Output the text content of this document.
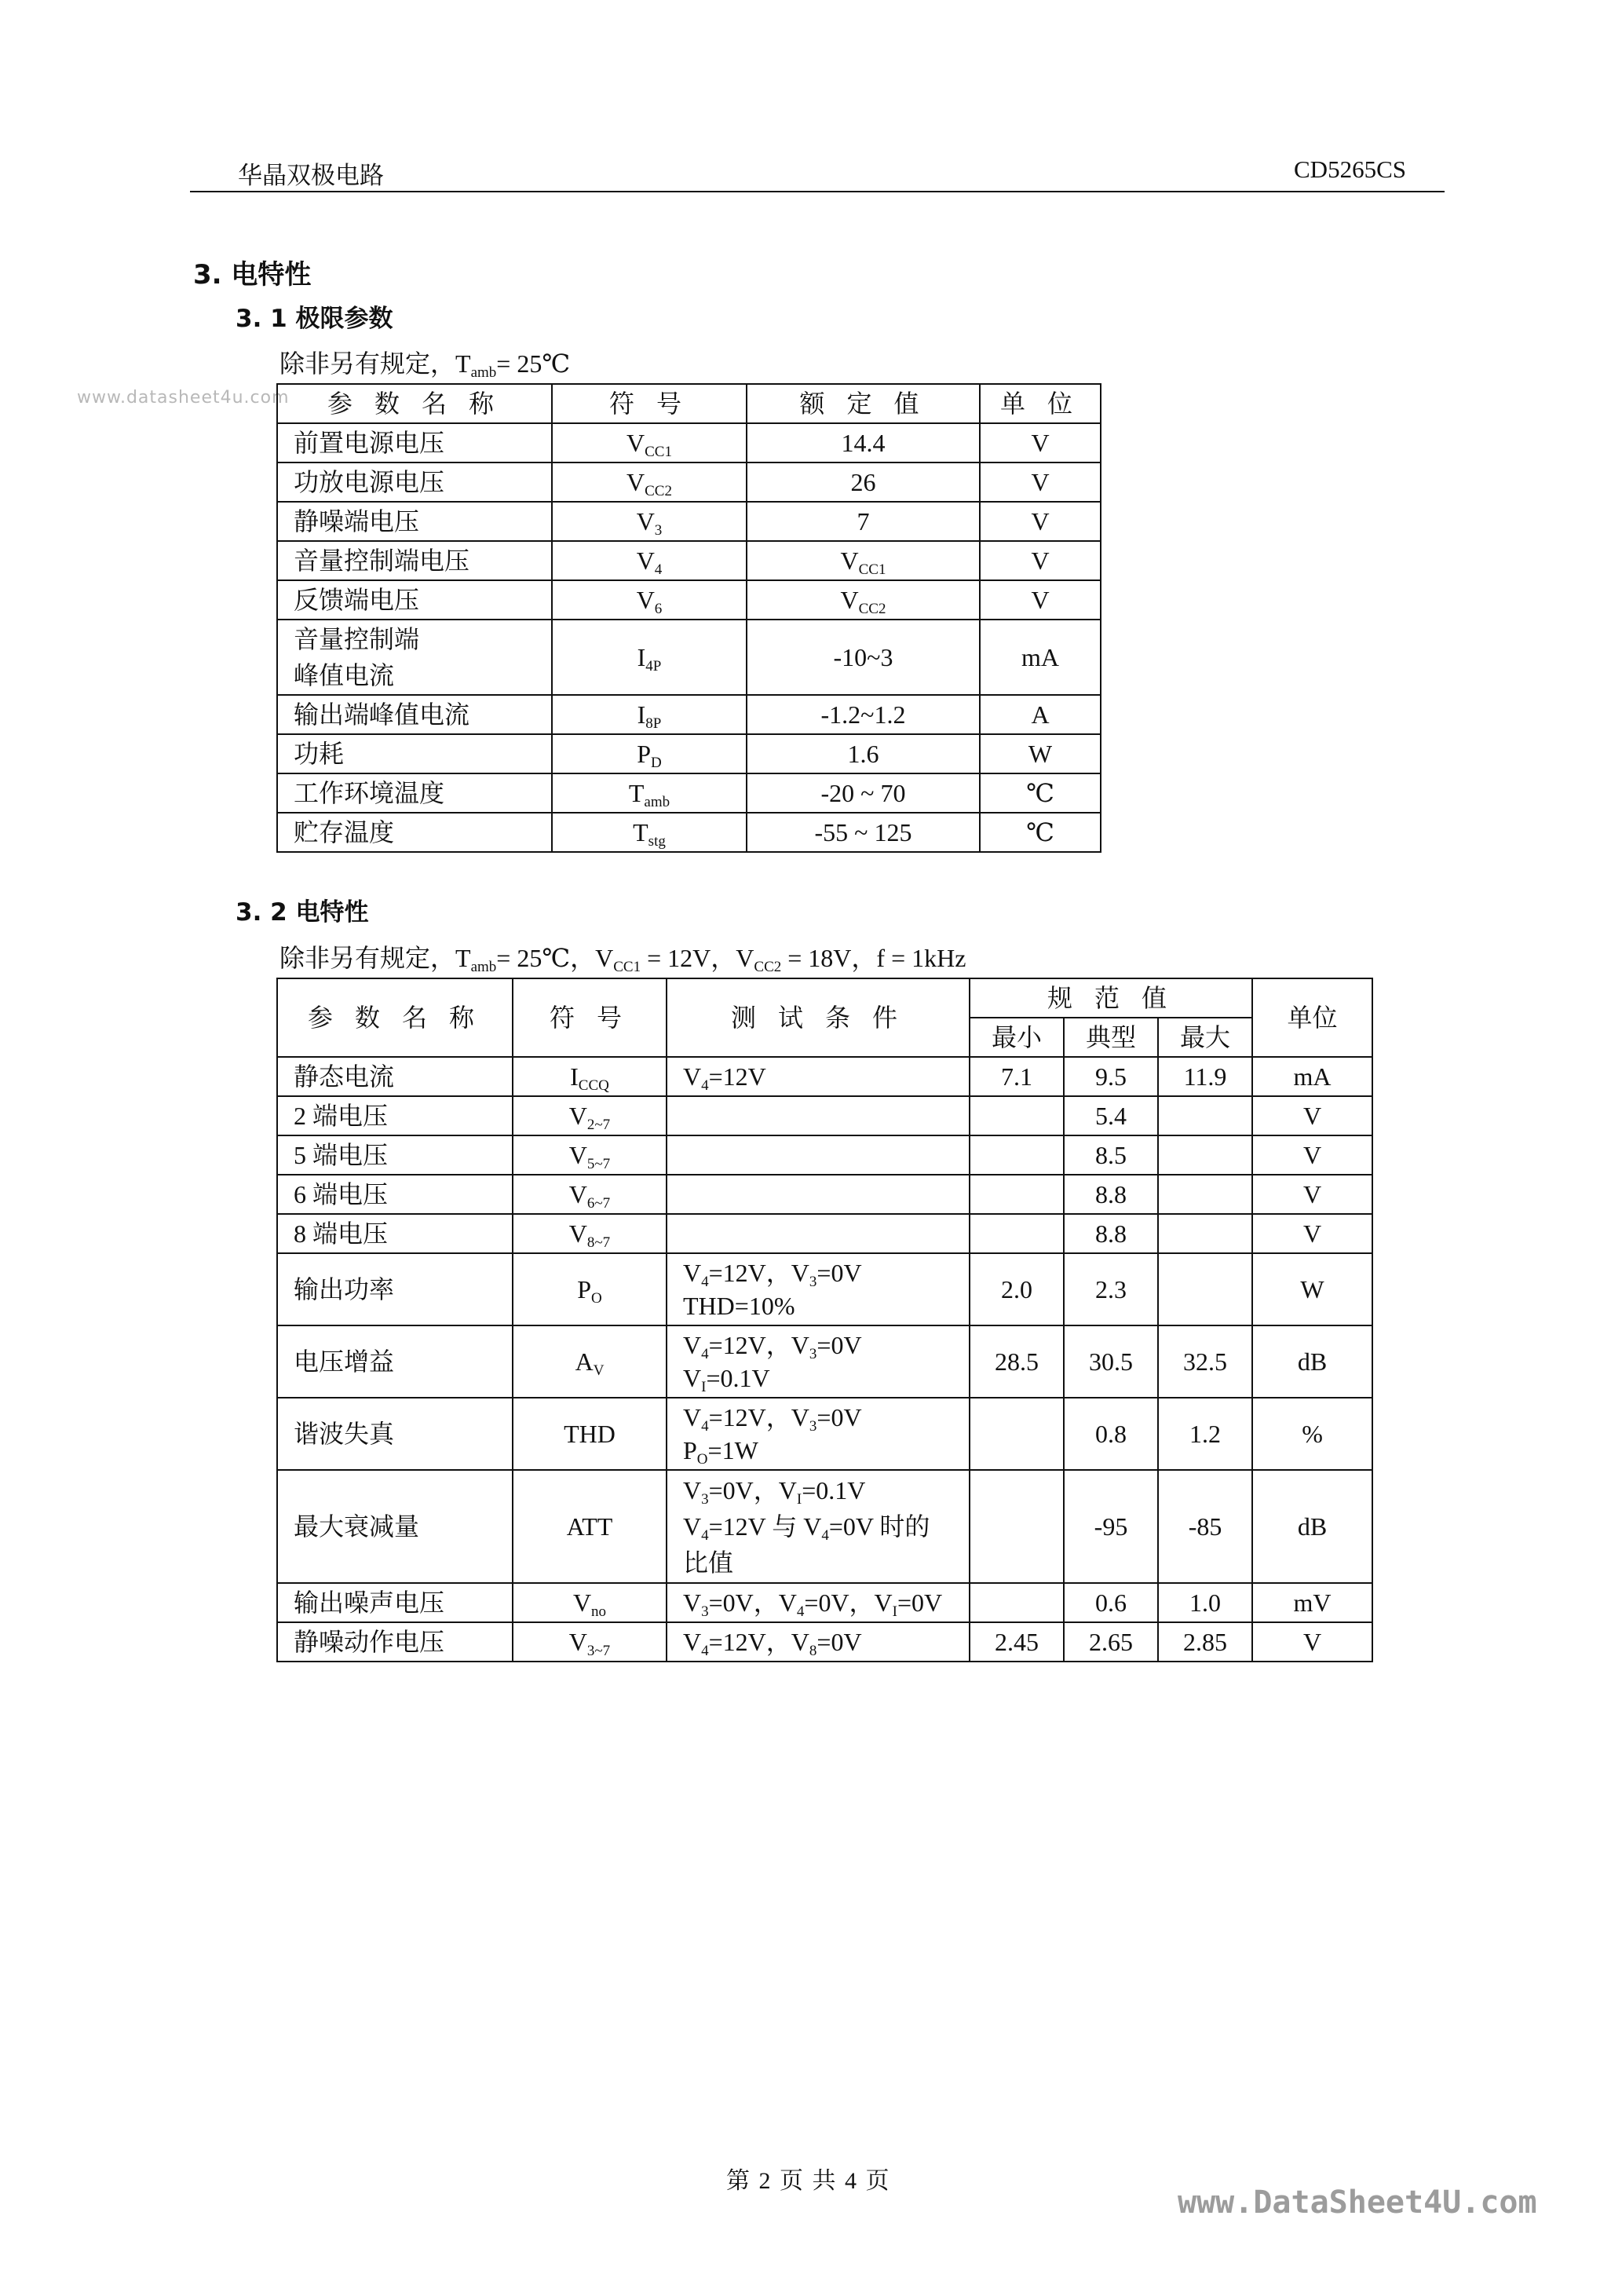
华晶双极电路	CD5265CS
3. 电特性
3. 1 极限参数
除非另有规定，$T_{amb}=$ 25℃
www.datasheet4u.com 参 数 名 称	符 号	额 定 值	单 位
前置电源电压	$V_{CC1}$	14.4	V
功放电源电压	$V_{CC2}$	26	V
静噪端电压	$V_3$	7	V
音量控制端电压	$V_4$	$V_{CC1}$	V
反馈端电压	$V_6$	$V_{CC2}$	V
音量控制端
峰值电流	$I_{4P}$	-10~3	mA
输出端峰值电流	$I_{8P}$	-1.2~1.2	A
功耗	$P_D$	1.6	W
工作环境温度	$T_{amb}$	-20 ~ 70	℃
贮存温度	$T_{stg}$	-55 ~ 125	℃
3. 2 电特性
除非另有规定，$T_{amb}=$ 25℃，$V_{CC1} = 12V$，$V_{CC2} = 18V$，f = 1kHz
参 数 名 称	符 号	测 试 条 件	规 范 值			单位
			最小	典型	最大	
静态电流	$I_{CCQ}$	$V_4=12V$	7.1	9.5	11.9	mA
2 端电压	$V_{2\sim 7}$			5.4		V
5 端电压	$V_{5\sim 7}$			8.5		V
6 端电压	$V_{6\sim 7}$			8.8		V
8 端电压	$V_{8\sim 7}$			8.8		V
输出功率	$P_O$	$V_4=12V$，$V_3=0V$
THD=10%	2.0	2.3		W
电压增益	$A_V$	$V_4=12V$，$V_3=0V$
$V_I=0.1V$	28.5	30.5	32.5	dB
谐波失真	THD	$V_4=12V$，$V_3=0V$
$P_O=1W$		0.8	1.2	%
最大衰减量	ATT	$V_3=0V$，$V_I=0.1V$
$V_4=12V$ 与 $V_4=0V$ 时的
比值		-95	-85	dB
输出噪声电压	$V_{no}$	$V_3=0V$，$V_4=0V$，$V_I=0V$		0.6	1.0	mV
静噪动作电压	$V_{3\sim 7}$	$V_4=12V$，$V_8=0V$	2.45	2.65	2.85	V
第 2 页 共 4 页
www.DataSheet4U.com
